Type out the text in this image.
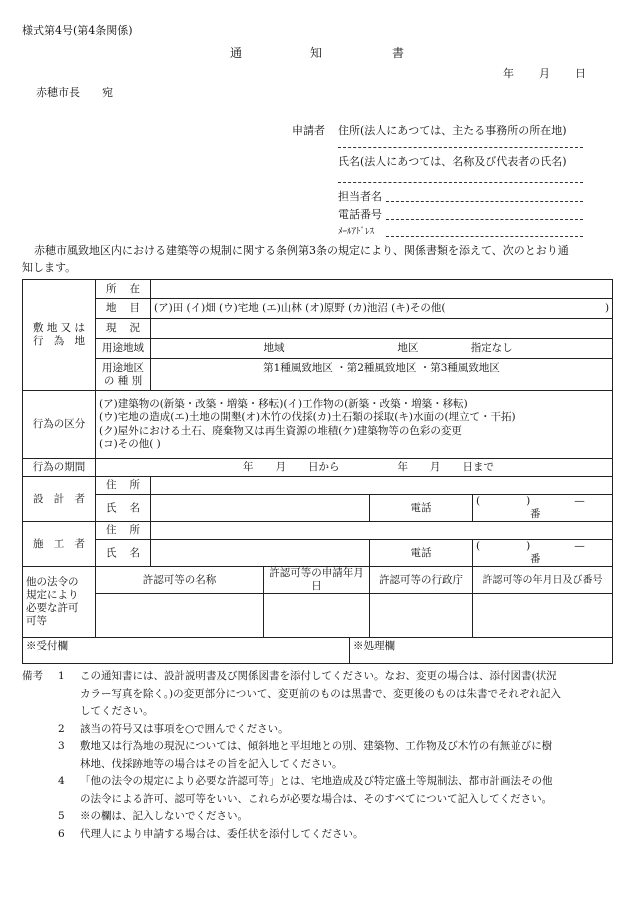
様式第4号(第4条関係)
通	知	書
年 月 日
赤穂市長 宛
申請者 住所(法人にあつては、主たる事務所の所在地)
氏名(法人にあつては、名称及び代表者の氏名)
担当者名
電話番号
ﾒｰﾙｱﾄﾞﾚｽ
赤穂市風致地区内における建築等の規制に関する条例第3条の規定により、関係書類を添えて、次のとおり通
知します。
敷地又は
行 為 地	所 在					
	地 目	(ア)田 (イ)畑 (ウ)宅地 (エ)山林 (オ)原野 (カ)池沼 (キ)その他( )				

	現 況					
	用途地域	地域 地区 指定なし				

	用途地区
の 種 別	第1種風致地区 ・第2種風致地区 ・第3種風致地区				
行為の区分	(ア)建築物の(新築・改築・増築・移転)(イ)工作物の(新築・改築・増築・移転)
(ウ)宅地の造成(エ)土地の開墾(オ)木竹の伐採(カ)土石類の採取(キ)水面の(埋立て・干拓)
(ク)屋外における土石、廃棄物又は再生資源の堆積(ケ)建築物等の色彩の変更
(コ)その他( )					

行為の期間	年 月 日から 年 月 日まで					

設 計 者	住 所					
	氏 名				電話	( ) —番

施 工 者	住 所					
	氏 名				電話	( ) —番

他の法令の
規定により
必要な許可
可等	許認可等の名称		許認可等の申請年月日		許認可等の行政庁	許認可等の年月日及び番号

※受付欄				※処理欄		
備考 1 この通知書には、設計説明書及び関係図書を添付してください。なお、変更の場合は、添付図書(状況
カラー写真を除く。)の変更部分について、変更前のものは黒書で、変更後のものは朱書でそれぞれ記入
してください。
2 該当の符号又は事項を○で囲んでください。
3 敷地又は行為地の現況については、傾斜地と平坦地との別、建築物、工作物及び木竹の有無並びに樹
林地、伐採跡地等の場合はその旨を記入してください。
4 「他の法令の規定により必要な許認可等」とは、宅地造成及び特定盛土等規制法、都市計画法その他
の法令による許可、認可等をいい、これらが必要な場合は、そのすべてについて記入してください。
5 ※の欄は、記入しないでください。
6 代理人により申請する場合は、委任状を添付してください。
